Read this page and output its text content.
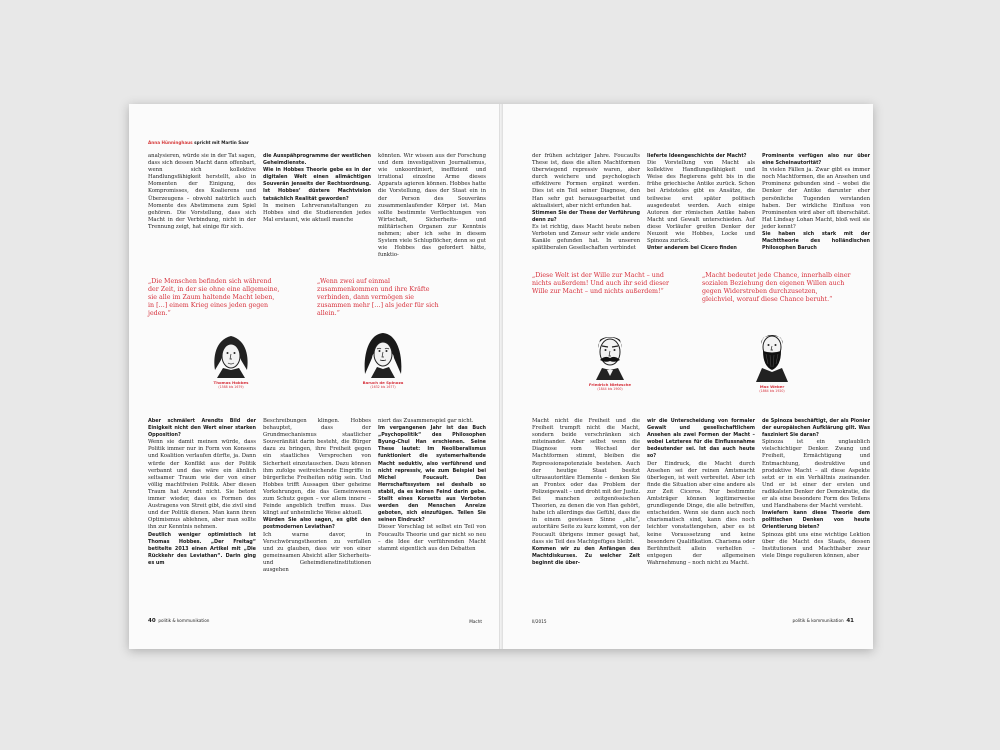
Anna Hünninghaus spricht mit Martin Saar

analysieren, würde sie in der Tat sagen, dass sich dessen Macht dann offenbart, wenn sich kollektive Handlungsfähigkeit herstellt, also in Momenten der Einigung, des Kompromisses, des Koalierens und Überzeugens – obwohl natürlich auch Momente des Abstimmens zum Spiel gehören. Die Vorstellung, dass sich Macht in der Verbindung, nicht in der Trennung zeigt, hat einige für sich.

die Ausspähprogramme der westlichen Geheimdienste.

Wie in Hobbes Theorie gebe es in der digitalen Welt einen allmächtigen Souverän jenseits der Rechtsordnung. Ist Hobbes’ düstere Machtvision tatsächlich Realität geworden?

In meinen Lehrveranstaltungen zu Hobbes sind die Studierenden jedes Mal erstaunt, wie aktuell manche

könnten. Wir wissen aus der Forschung und dem investigativen Journalismus, wie unkoordiniert, ineffizient und irrational einzelne Arme dieses Apparats agieren können. Hobbes hatte die Vorstellung, dass der Staat ein in der Person des Souveräns zusammenlaufender Körper ist. Man sollte bestimmte Verflechtungen von Wirtschaft, Sicherheits- und militärischen Organen zur Kenntnis nehmen; aber ich sehe in diesem System viele Schlupflöcher, denn so gut wie Hobbes das gefordert hätte, funktio-

„Die Menschen befinden sich während der Zeit, in der sie ohne eine allgemeine, sie alle im Zaum haltende Macht leben, in […] einem Krieg eines jeden gegen jeden.“

„Wenn zwei auf einmal zusammenkommen und ihre Kräfte verbinden, dann vermögen sie zusammen mehr […] als jeder für sich allein.“

Thomas Hobbes
(1588 bis 1679)
Baruch de Spinoza
(1632 bis 1677)

Aber schmälert Arendts Bild der Einigkeit nicht den Wert einer starken Opposition?

Wenn sie damit meinen würde, dass Politik immer nur in Form von Konsens und Koalition verlaufen dürfte, ja. Dann würde der Konflikt aus der Politik verbannt und das wäre ein ähnlich seltsamer Traum wie der von einer völlig machtfreien Politik. Aber diesen Traum hat Arendt nicht. Sie betont immer wieder, dass es Formen des Austragens von Streit gibt, die zivil sind und der Politik dienen. Man kann ihren Optimismus ablehnen, aber man sollte ihn zur Kenntnis nehmen.

Deutlich weniger optimistisch ist Thomas Hobbes. „Der Freitag“ betitelte 2013 einen Artikel mit „Die Rückkehr des Leviathan“. Darin ging es um

Beschreibungen klingen. Hobbes behauptet, dass der Grundmechanismus staatlicher Souveränität darin besteht, die Bürger dazu zu bringen, ihre Freiheit gegen ein staatliches Versprechen von Sicherheit einzutauschen. Dazu können ihm zufolge weitreichende Eingriffe in bürgerliche Freiheiten nötig sein. Und Hobbes trifft Aussagen über geheime Vorkehrungen, die das Gemeinwesen zum Schutz gegen – vor allem innere – Feinde angeblich treffen muss. Das klingt auf unheimliche Weise aktuell.

Würden Sie also sagen, es gibt den postmodernen Leviathan?

Ich warne davor, in Verschwörungstheorien zu verfallen und zu glauben, dass wir von einer gemeinsamen Absicht aller Sicherheits- und Geheimdienstinstitutionen ausgehen

niert das Zusammenspiel gar nicht.

Im vergangenen Jahr ist das Buch „Psychopolitik“ des Philosophen Byung-Chul Han erschienen. Seine These lautet: Im Neoliberalismus funktioniert die systemerhaltende Macht seduktiv, also verführend und nicht repressiv, wie zum Beispiel bei Michel Foucault. Das Herrschaftssystem sei deshalb so stabil, da es keinen Feind darin gebe. Stellt eines Korsetts aus Verboten werden den Menschen Anreize geboten, sich einzufügen. Teilen Sie seinen Eindruck?

Dieser Vorschlag ist selbst ein Teil von Foucaults Theorie und gar nicht so neu – die Idee der verführenden Macht stammt eigentlich aus den Debatten

40 politik & kommunikation	Macht

der frühen achtziger Jahre. Foucaults These ist, dass die alten Machtformen überwiegend repressiv waren, aber durch weichere und psychologisch effektivere Formen ergänzt werden. Dies ist ein Teil seiner Diagnose, den Han sehr gut herausgearbeitet und aktualisiert, aber nicht erfunden hat.

Stimmen Sie der These der Verführung denn zu?

Es ist richtig, dass Macht heute neben Verboten und Zensur sehr viele andere Kanäle gefunden hat. In unseren spätliberalen Gesellschaften verbindet

lieferte Ideengeschichte der Macht?

Die Vorstellung von Macht als kollektive Handlungsfähigkeit und Weise des Regierens geht bis in die frühe griechische Antike zurück. Schon bei Aristoteles gibt es Ansätze, die teilweise erst später politisch ausgedeutet werden. Auch einige Autoren der römischen Antike haben Macht und Gewalt unterschieden. Auf diese Vorläufer greifen Denker der Neuzeit wie Hobbes, Locke und Spinoza zurück.

Unter anderem bei Cicero finden

Prominente verfügen also nur über eine Scheinautorität?

In vielen Fällen ja. Zwar gibt es immer noch Machtformen, die an Ansehen und Prominenz gebunden sind – wobei die Denker der Antike darunter eher persönliche Tugenden verstanden haben. Der wirkliche Einfluss von Prominenten wird aber oft überschätzt. Hat Lindsay Lohan Macht, bloß weil sie jeder kennt?

Sie haben sich stark mit der Machttheorie des holländischen Philosophen Baruch

„Diese Welt ist der Wille zur Macht – und nichts außerdem! Und auch ihr seid dieser Wille zur Macht – und nichts außerdem!“

„Macht bedeutet jede Chance, innerhalb einer sozialen Beziehung den eigenen Willen auch gegen Widerstreben durchzusetzen, gleichviel, worauf diese Chance beruht.“

Friedrich Nietzsche
(1844 bis 1900)	Max Weber
(1864 bis 1920)

Macht nicht die Freiheit und die Freiheit trumpft nicht die Macht, sondern beide verschränken sich miteinander. Aber selbst wenn die Diagnose vom Wechsel der Machtformen stimmt, bleiben die Repressionspotenziale bestehen. Auch der heutige Staat besitzt ultrasautoritäre Elemente – denken Sie an Frontex oder das Problem der Polizeigewalt – und droht mit der Justiz. Bei manchen zeitgenössischen Theorien, zu denen die von Han gehört, habe ich allerdings das Gefühl, dass die in einem gewissen Sinne „alte“, autoritäre Seite zu kurz kommt, von der Foucault übrigens immer gesagt hat, dass sie Teil des Machtgefüges bleibt.

Kommen wir zu den Anfängen des Machtdiskurses. Zu welcher Zeit beginnt die über-

wir die Unterscheidung von formaler Gewalt und gesellschaftlichem Ansehen als zwei Formen der Macht – wobei Letzteres für die Einflussnahme bedeutender sei. Ist das auch heute so?

Der Eindruck, die Macht durch Ansehen sei der reinen Amtsmacht überlegen, ist weit verbreitet. Aber ich finde die Situation aber eine andere als zur Zeit Ciceros. Nur bestimmte Amtsträger können legitimerweise grundlegende Dinge, die alle betreffen, entscheiden. Wenn sie dann auch noch charismatisch sind, kann dies noch leichter vonstattengehen, aber es ist keine Voraussetzung und keine besondere Qualifikation. Charisma oder Berühmtheit allein verhelfen – entgegen der allgemeinen Wahrnehmung – noch nicht zu Macht.

de Spinoza beschäftigt, der als Pionier der europäischen Aufklärung gilt. Was fasziniert Sie daran?

Spinoza ist ein unglaublich vielschichtiger Denker. Zwang und Freiheit, Ermächtigung und Entmachtung, destruktive und produktive Macht – all diese Aspekte setzt er in ein Verhältnis zueinander. Und er ist einer der ersten und radikalsten Denker der Demokratie, die er als eine besondere Form des Teilens und Handhabens der Macht versteht.

Inwiefern kann diese Theorie dem politischen Denken von heute Orientierung bieten?

Spinoza gibt uns eine wichtige Lektion über die Macht des Staats, dessen Institutionen und Machthaber zwar viele Dinge regulieren können, aber

II/2015	politik & kommunikation 41
